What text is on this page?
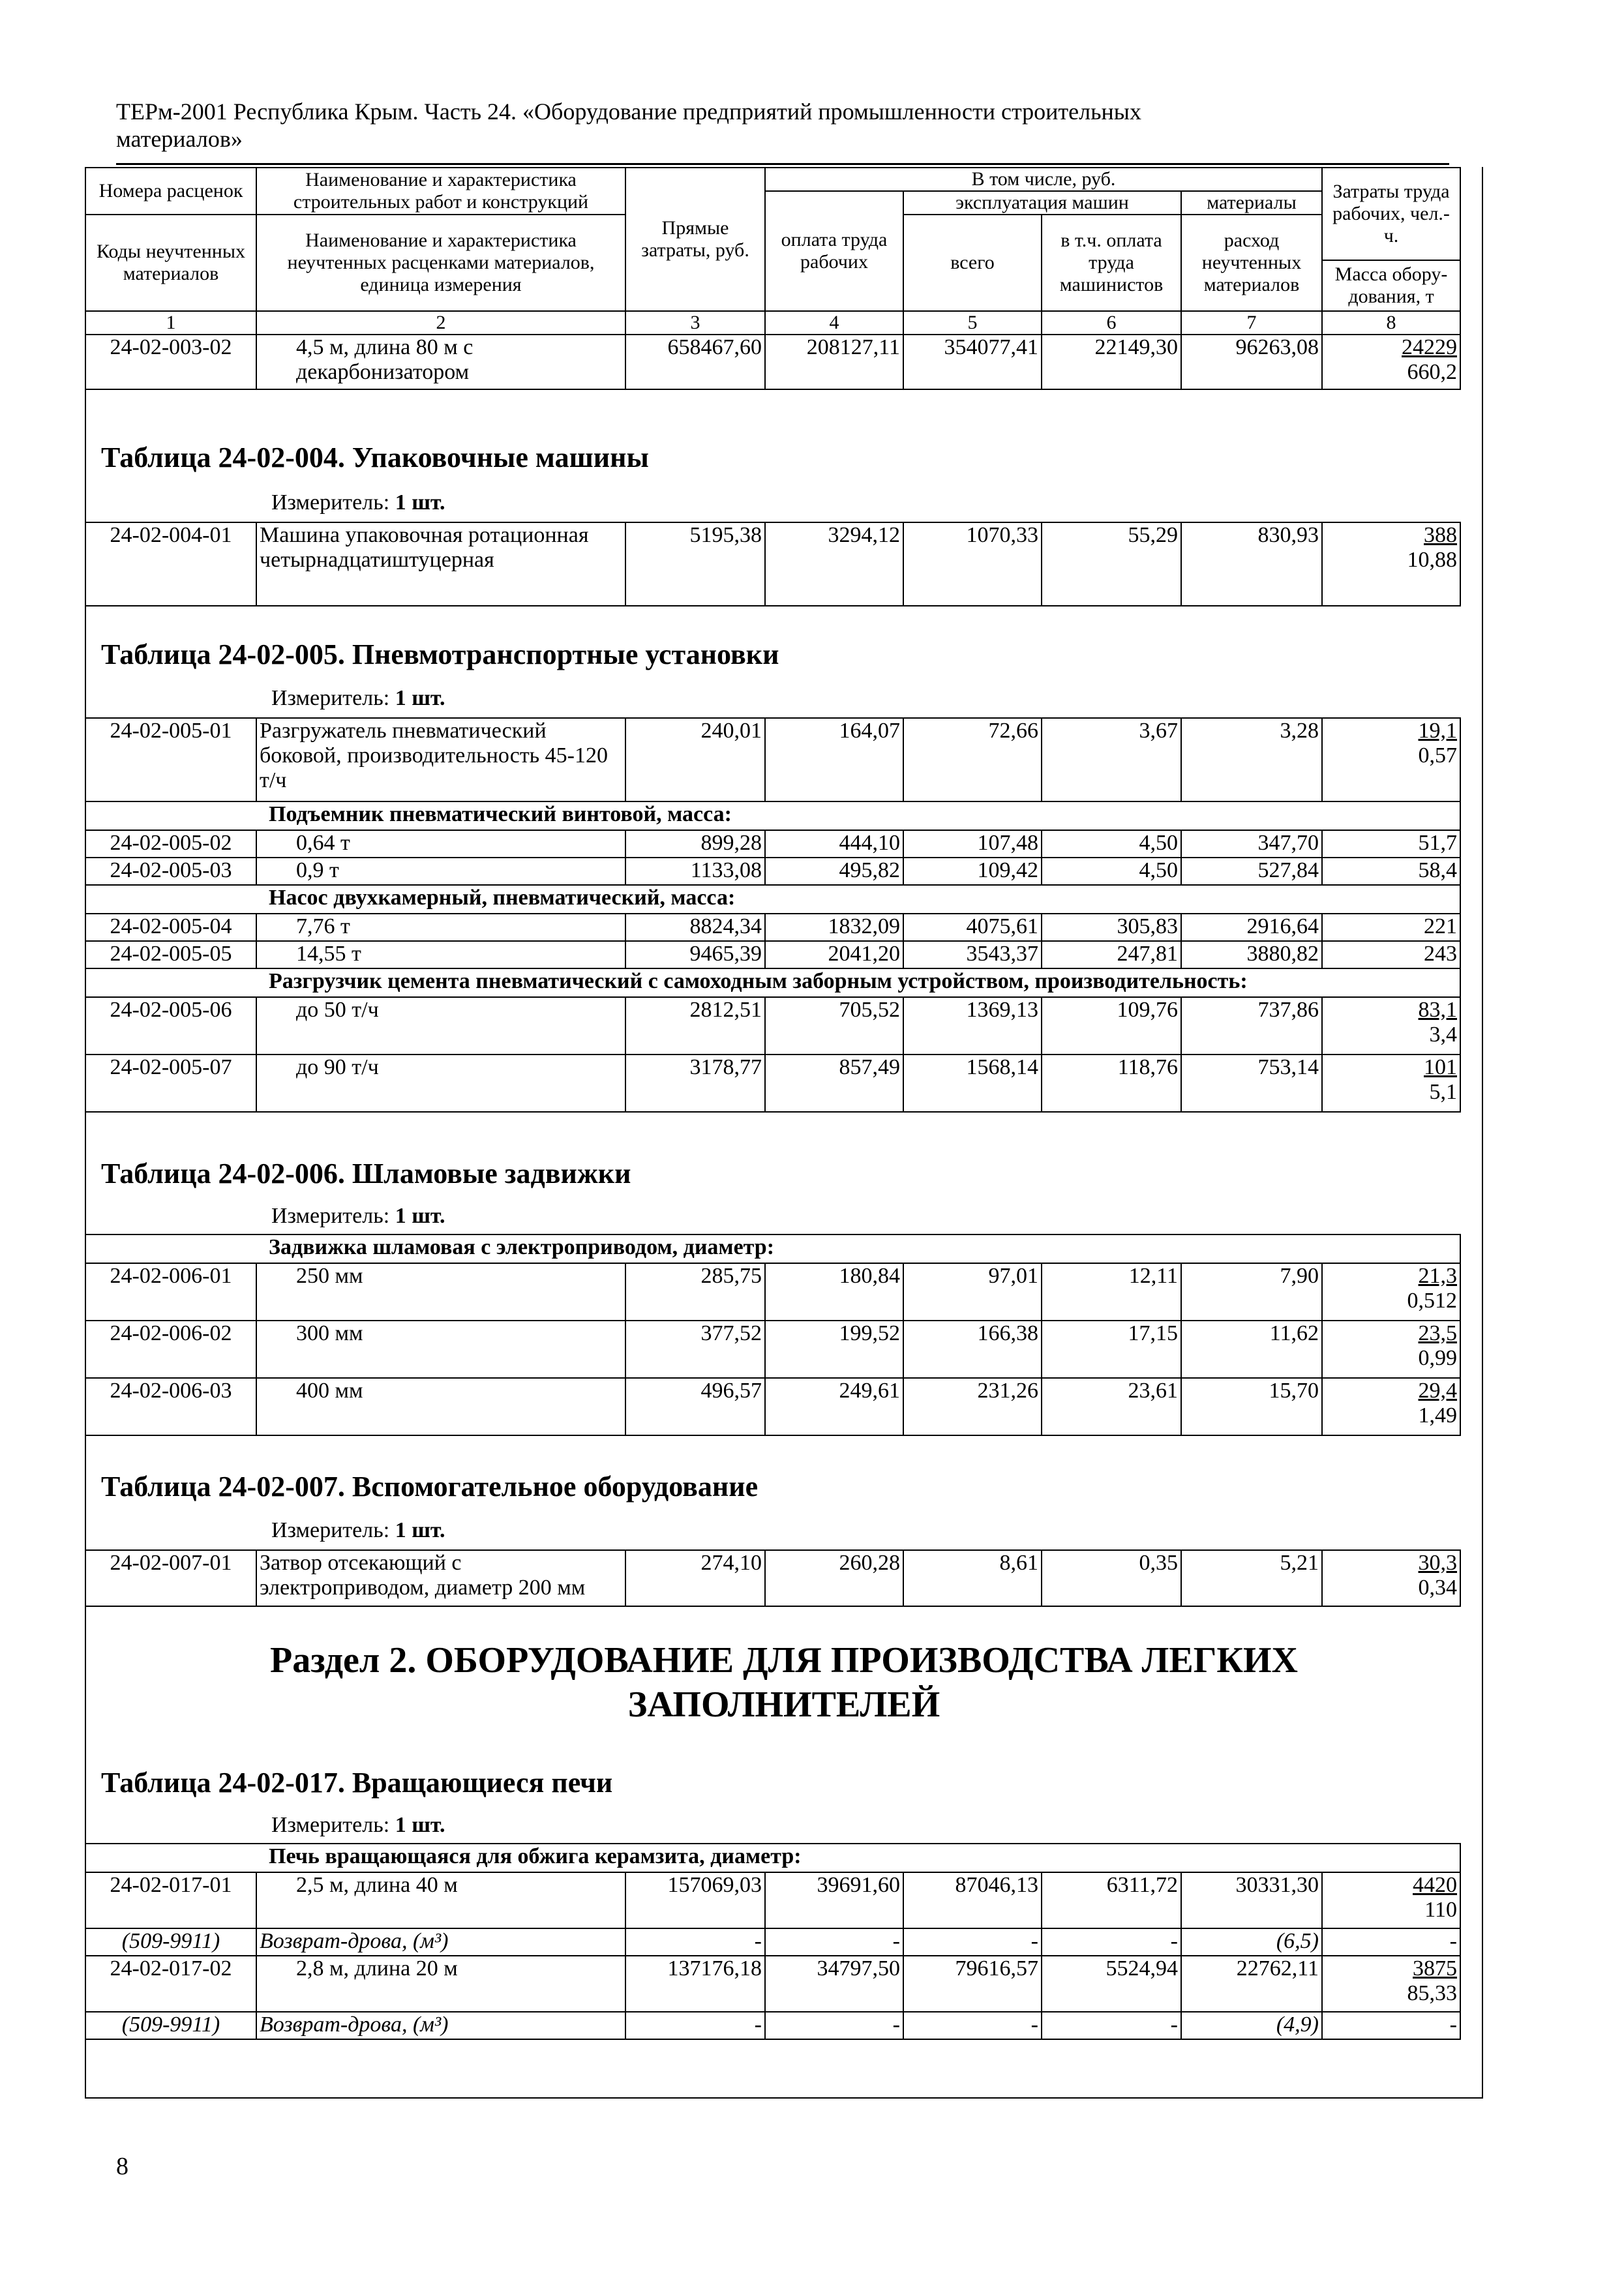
ТЕРм-2001 Республика Крым. Часть 24. «Оборудование предприятий промышленности строительных
материалов»
Номера расценок	Наименование и характеристика строительных работ и конструкций	Прямые затраты, руб.	В том числе, руб.				Затраты труда рабочих, чел.-ч.
			оплата труда рабочих	эксплуатация машин		материалы	
Коды неучтенных материалов	Наименование и характеристика неучтенных расценками материалов, единица измерения			всего	в т.ч. оплата труда машинистов	расход неучтенных материалов	
							Масса обору-дования, т
1	2	3	4	5	6	7	8
24-02-003-02	4,5 м, длина 80 м с декарбонизатором	658467,60	208127,11	354077,41	22149,30	96263,08	24229
660,2
Таблица 24-02-004. Упаковочные машины
Измеритель: 1 шт.
24-02-004-01	Машина упаковочная ротационная четырнадцатиштуцерная	5195,38	3294,12	1070,33	55,29	830,93	388
10,88
Таблица 24-02-005. Пневмотранспортные установки
Измеритель: 1 шт.
24-02-005-01	Разгружатель пневматический боковой, производительность 45-120 т/ч	240,01	164,07	72,66	3,67	3,28	19,1
0,57

Подъемник пневматический винтовой, масса:							
24-02-005-02	0,64 т	899,28	444,10	107,48	4,50	347,70	51,7
24-02-005-03	0,9 т	1133,08	495,82	109,42	4,50	527,84	58,4
Насос двухкамерный, пневматический, масса:							
24-02-005-04	7,76 т	8824,34	1832,09	4075,61	305,83	2916,64	221
24-02-005-05	14,55 т	9465,39	2041,20	3543,37	247,81	3880,82	243
Разгрузчик цемента пневматический с самоходным заборным устройством, производительность:							
24-02-005-06	до 50 т/ч	2812,51	705,52	1369,13	109,76	737,86	83,1
3,4

24-02-005-07	до 90 т/ч	3178,77	857,49	1568,14	118,76	753,14	101
5,1
Таблица 24-02-006. Шламовые задвижки
Измеритель: 1 шт.
Задвижка шламовая с электроприводом, диаметр:							
24-02-006-01	250 мм	285,75	180,84	97,01	12,11	7,90	21,3
0,512

24-02-006-02	300 мм	377,52	199,52	166,38	17,15	11,62	23,5
0,99

24-02-006-03	400 мм	496,57	249,61	231,26	23,61	15,70	29,4
1,49
Таблица 24-02-007. Вспомогательное оборудование
Измеритель: 1 шт.
24-02-007-01	Затвор отсекающий с электроприводом, диаметр 200 мм	274,10	260,28	8,61	0,35	5,21	30,3
0,34
Раздел 2. ОБОРУДОВАНИЕ ДЛЯ ПРОИЗВОДСТВА ЛЕГКИХ
ЗАПОЛНИТЕЛЕЙ
Таблица 24-02-017. Вращающиеся печи
Измеритель: 1 шт.
Печь вращающаяся для обжига керамзита, диаметр:							
24-02-017-01	2,5 м, длина 40 м	157069,03	39691,60	87046,13	6311,72	30331,30	4420
110

(509-9911)	Возврат-дрова, (м³)	-	-	-	-	(6,5)	-
24-02-017-02	2,8 м, длина 20 м	137176,18	34797,50	79616,57	5524,94	22762,11	3875
85,33

(509-9911)	Возврат-дрова, (м³)	-	-	-	-	(4,9)	-
8
